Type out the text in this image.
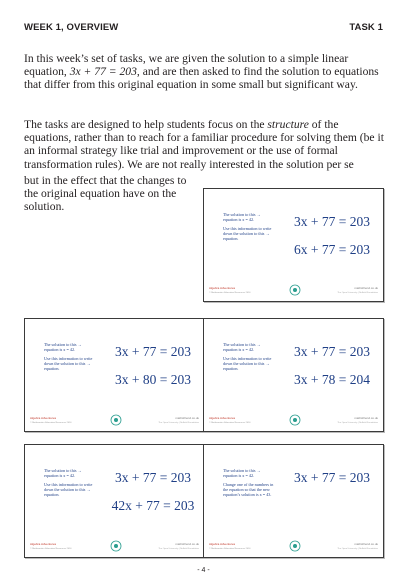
WEEK 1, OVERVIEW	TASK 1

In this week’s set of tasks, we are given the solution to a simple linear equation, 3x + 77 = 203, and are then asked to find the solution to equations that differ from this original equation in some small but significant way.

The tasks are designed to help students focus on the structure of the equations, rather than to reach for a familiar procedure for solving them (be it an informal strategy like trial and improvement or the use of formal transformation rules). We are not really interested in the solution per se

but in the effect that the changes to the original equation have on the solution.

The solution to this →
equation is x = 42.
Use this information to write down the solution to this → equation.
3x + 77 = 203
6x + 77 = 203
Algebra Adventures
© Mathematics Education Resources 2016
mathsfriend.co.uk
The Open University | Nuffield Foundation
The solution to this →
equation is x = 42.
Use this information to write down the solution to this → equation.
3x + 77 = 203
3x + 80 = 203
Algebra Adventures
© Mathematics Education Resources 2016
mathsfriend.co.uk
The Open University | Nuffield Foundation
The solution to this →
equation is x = 42.
Use this information to write down the solution to this → equation.
3x + 77 = 203
3x + 78 = 204
Algebra Adventures
© Mathematics Education Resources 2016
mathsfriend.co.uk
The Open University | Nuffield Foundation
The solution to this →
equation is x = 42.
Use this information to write down the solution to this → equation.
3x + 77 = 203
42x + 77 = 203
Algebra Adventures
© Mathematics Education Resources 2016
mathsfriend.co.uk
The Open University | Nuffield Foundation
The solution to this →
equation is x = 42.
Change one of the numbers in the equation so that the new equation’s solution is x = 43.
3x + 77 = 203
Algebra Adventures
© Mathematics Education Resources 2016
mathsfriend.co.uk
The Open University | Nuffield Foundation
- 4 -
